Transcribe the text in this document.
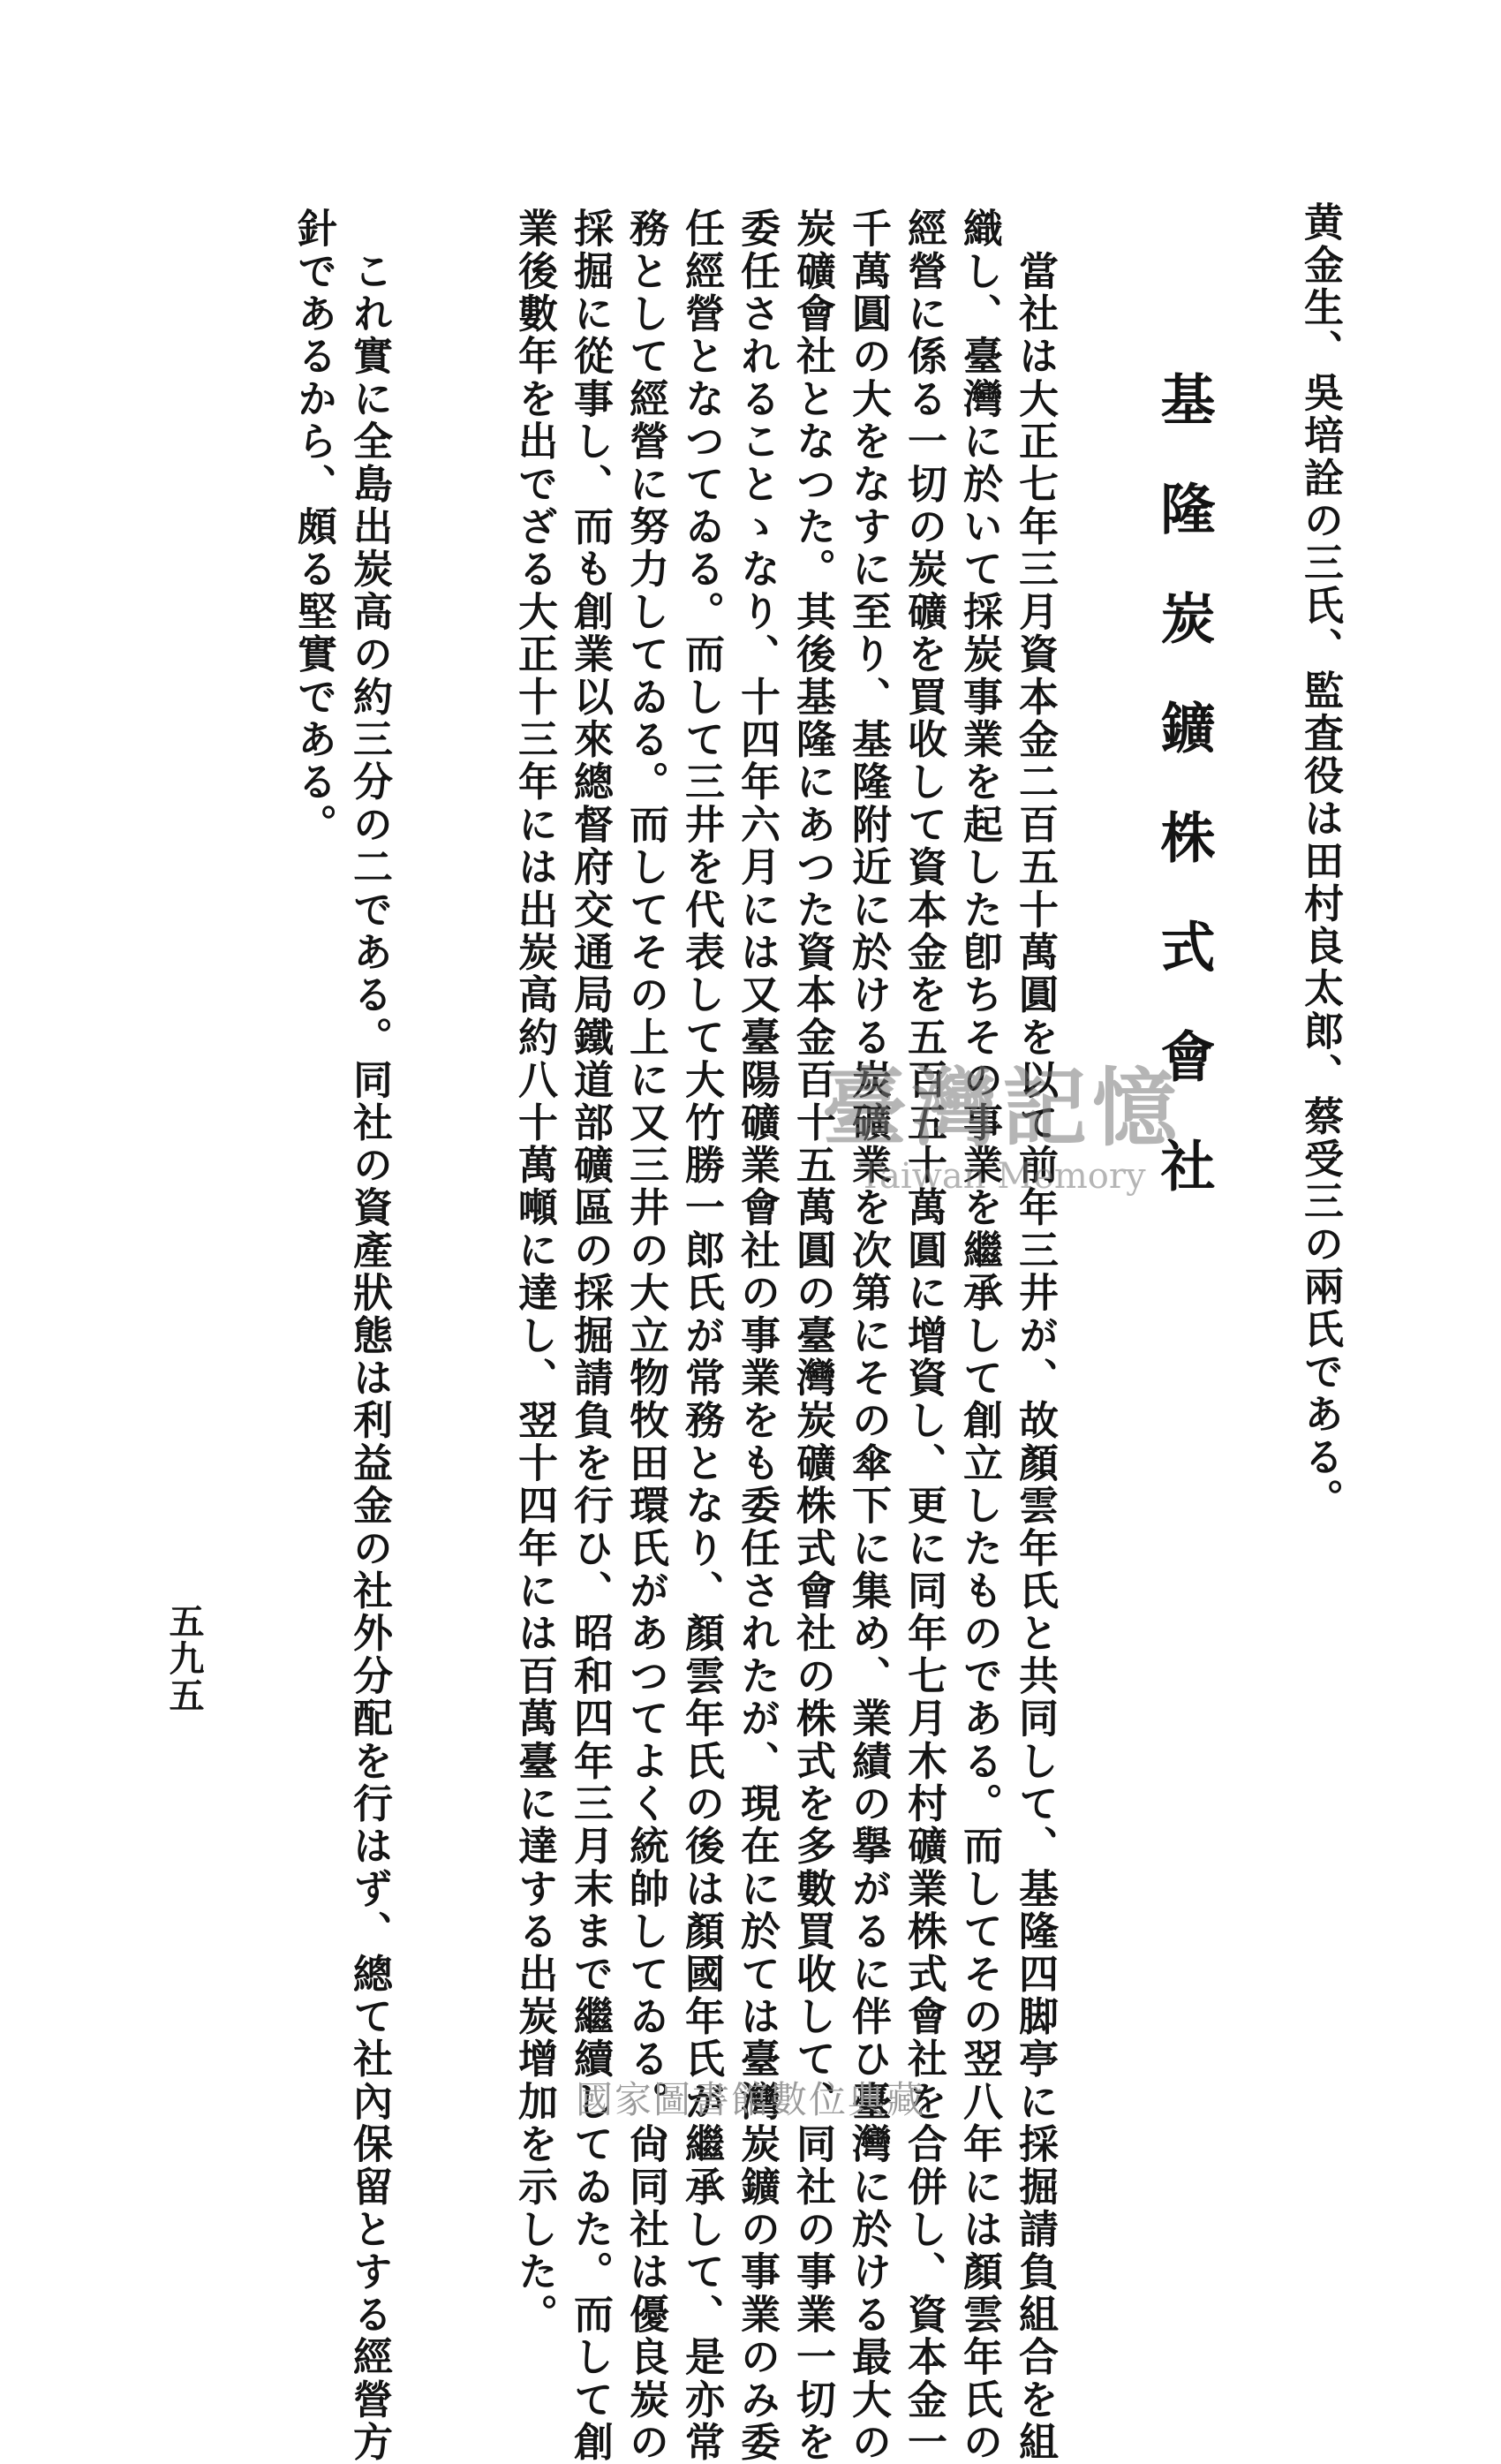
黄金生、吳培詮の三氏、監査役は田村良太郎、蔡受三の兩氏である。
基隆炭鑛株式會社
　當社は大正七年三月資本金二百五十萬圓を以て前年三井が、故顏雲年氏と共同して、基隆四脚亭に採掘請負組合を組
織し、臺灣に於いて採炭事業を起した卽ちその事業を繼承して創立したものである。而してその翌八年には顏雲年氏の
經營に係る一切の炭礦を買收して資本金を五百五十萬圓に增資し、更に同年七月木村礦業株式會社を合併し、資本金一
千萬圓の大をなすに至り、基隆附近に於ける炭礦業を次第にその傘下に集め、業績の擧がるに伴ひ臺灣に於ける最大の
炭礦會社となつた。其後基隆にあつた資本金百十五萬圓の臺灣炭礦株式會社の株式を多數買收して、同社の事業一切を
委任されることゝなり、十四年六月には又臺陽礦業會社の事業をも委任されたが、現在に於ては臺灣炭鑛の事業のみ委
任經營となつてゐる。而して三井を代表して大竹勝一郎氏が常務となり、顏雲年氏の後は顏國年氏が繼承して、是亦常
務として經營に努力してゐる。而してその上に又三井の大立物牧田環氏があつてよく統帥してゐる。尙同社は優良炭の
採掘に從事し、而も創業以來總督府交通局鐵道部礦區の採掘請負を行ひ、昭和四年三月末まで繼續してゐた。而して創
業後數年を出でざる大正十三年には出炭高約八十萬噸に達し、翌十四年には百萬臺に達する出炭增加を示した。
　これ實に全島出炭高の約三分の二である。同社の資產狀態は利益金の社外分配を行はず、總て社內保留とする經營方
針であるから、頗る堅實である。
五九五
臺灣記憶
Taiwan Memory
國家圖書館數位典藏
